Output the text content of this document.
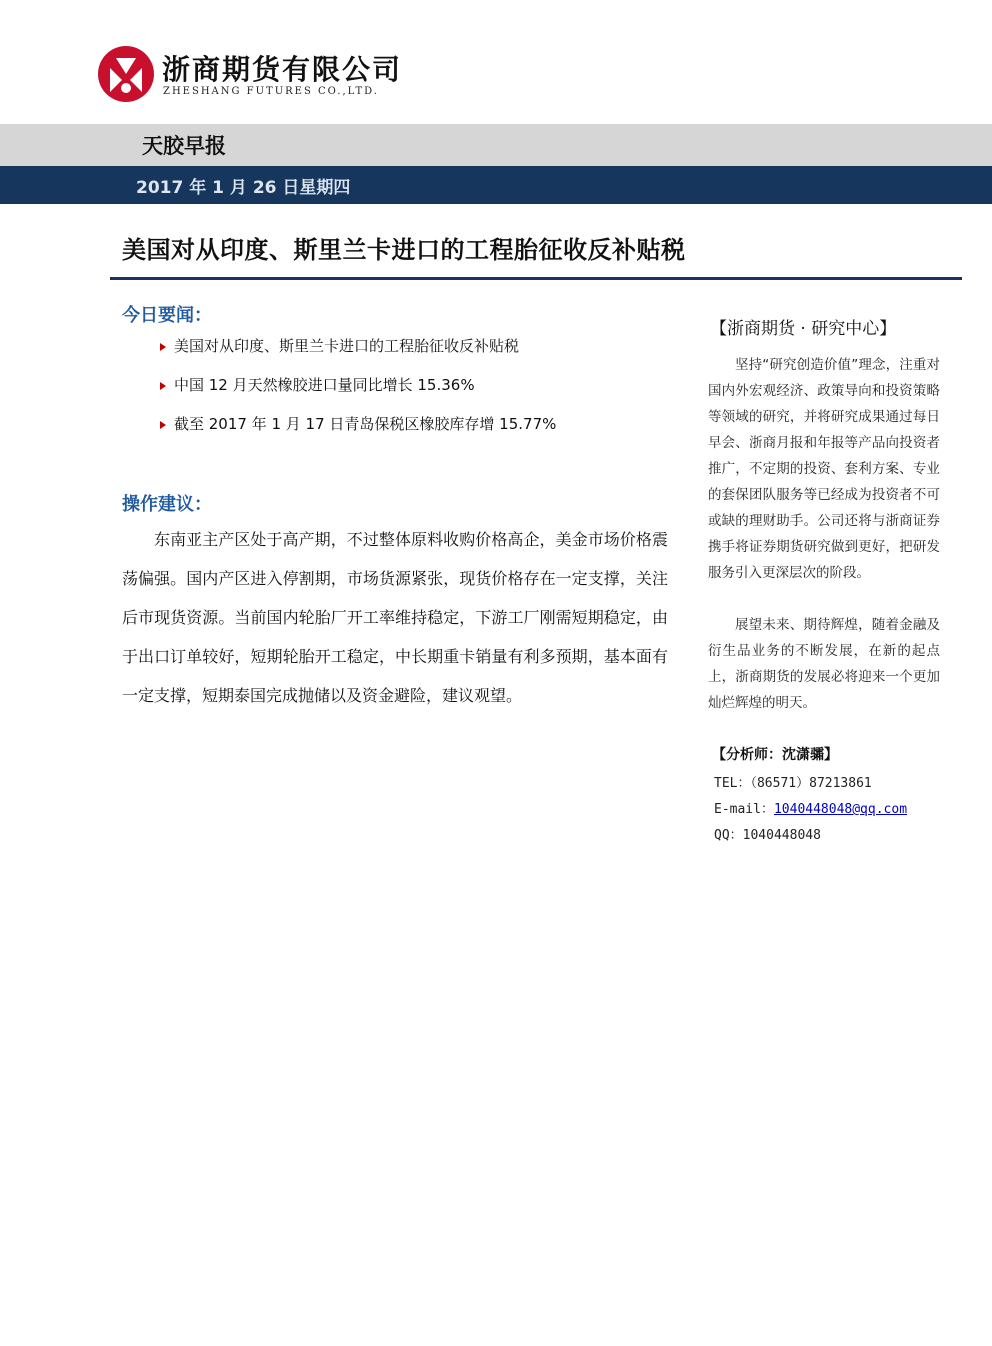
浙商期货有限公司
ZHESHANG FUTURES CO.,LTD.
天胶早报
2017 年 1 月 26 日星期四
美国对从印度、斯里兰卡进口的工程胎征收反补贴税
今日要闻：
美国对从印度、斯里兰卡进口的工程胎征收反补贴税
中国 12 月天然橡胶进口量同比增长 15.36%
截至 2017 年 1 月 17 日青岛保税区橡胶库存增 15.77%
操作建议：
东南亚主产区处于高产期，不过整体原料收购价格高企，美金市场价格震荡偏强。国内产区进入停割期，市场货源紧张，现货价格存在一定支撑，关注后市现货资源。当前国内轮胎厂开工率维持稳定，下游工厂刚需短期稳定，由于出口订单较好，短期轮胎开工稳定，中长期重卡销量有利多预期，基本面有一定支撑，短期泰国完成抛储以及资金避险，建议观望。
【浙商期货 · 研究中心】
坚持“研究创造价值”理念，注重对国内外宏观经济、政策导向和投资策略等领域的研究，并将研究成果通过每日早会、浙商月报和年报等产品向投资者推广，不定期的投资、套利方案、专业的套保团队服务等已经成为投资者不可或缺的理财助手。公司还将与浙商证券携手将证券期货研究做到更好，把研发服务引入更深层次的阶段。
展望未来、期待辉煌，随着金融及衍生品业务的不断发展，在新的起点上，浙商期货的发展必将迎来一个更加灿烂辉煌的明天。
【分析师：沈潇骦】
TEL：（86571）87213861
E-mail：1040448048@qq.com
QQ：1040448048
